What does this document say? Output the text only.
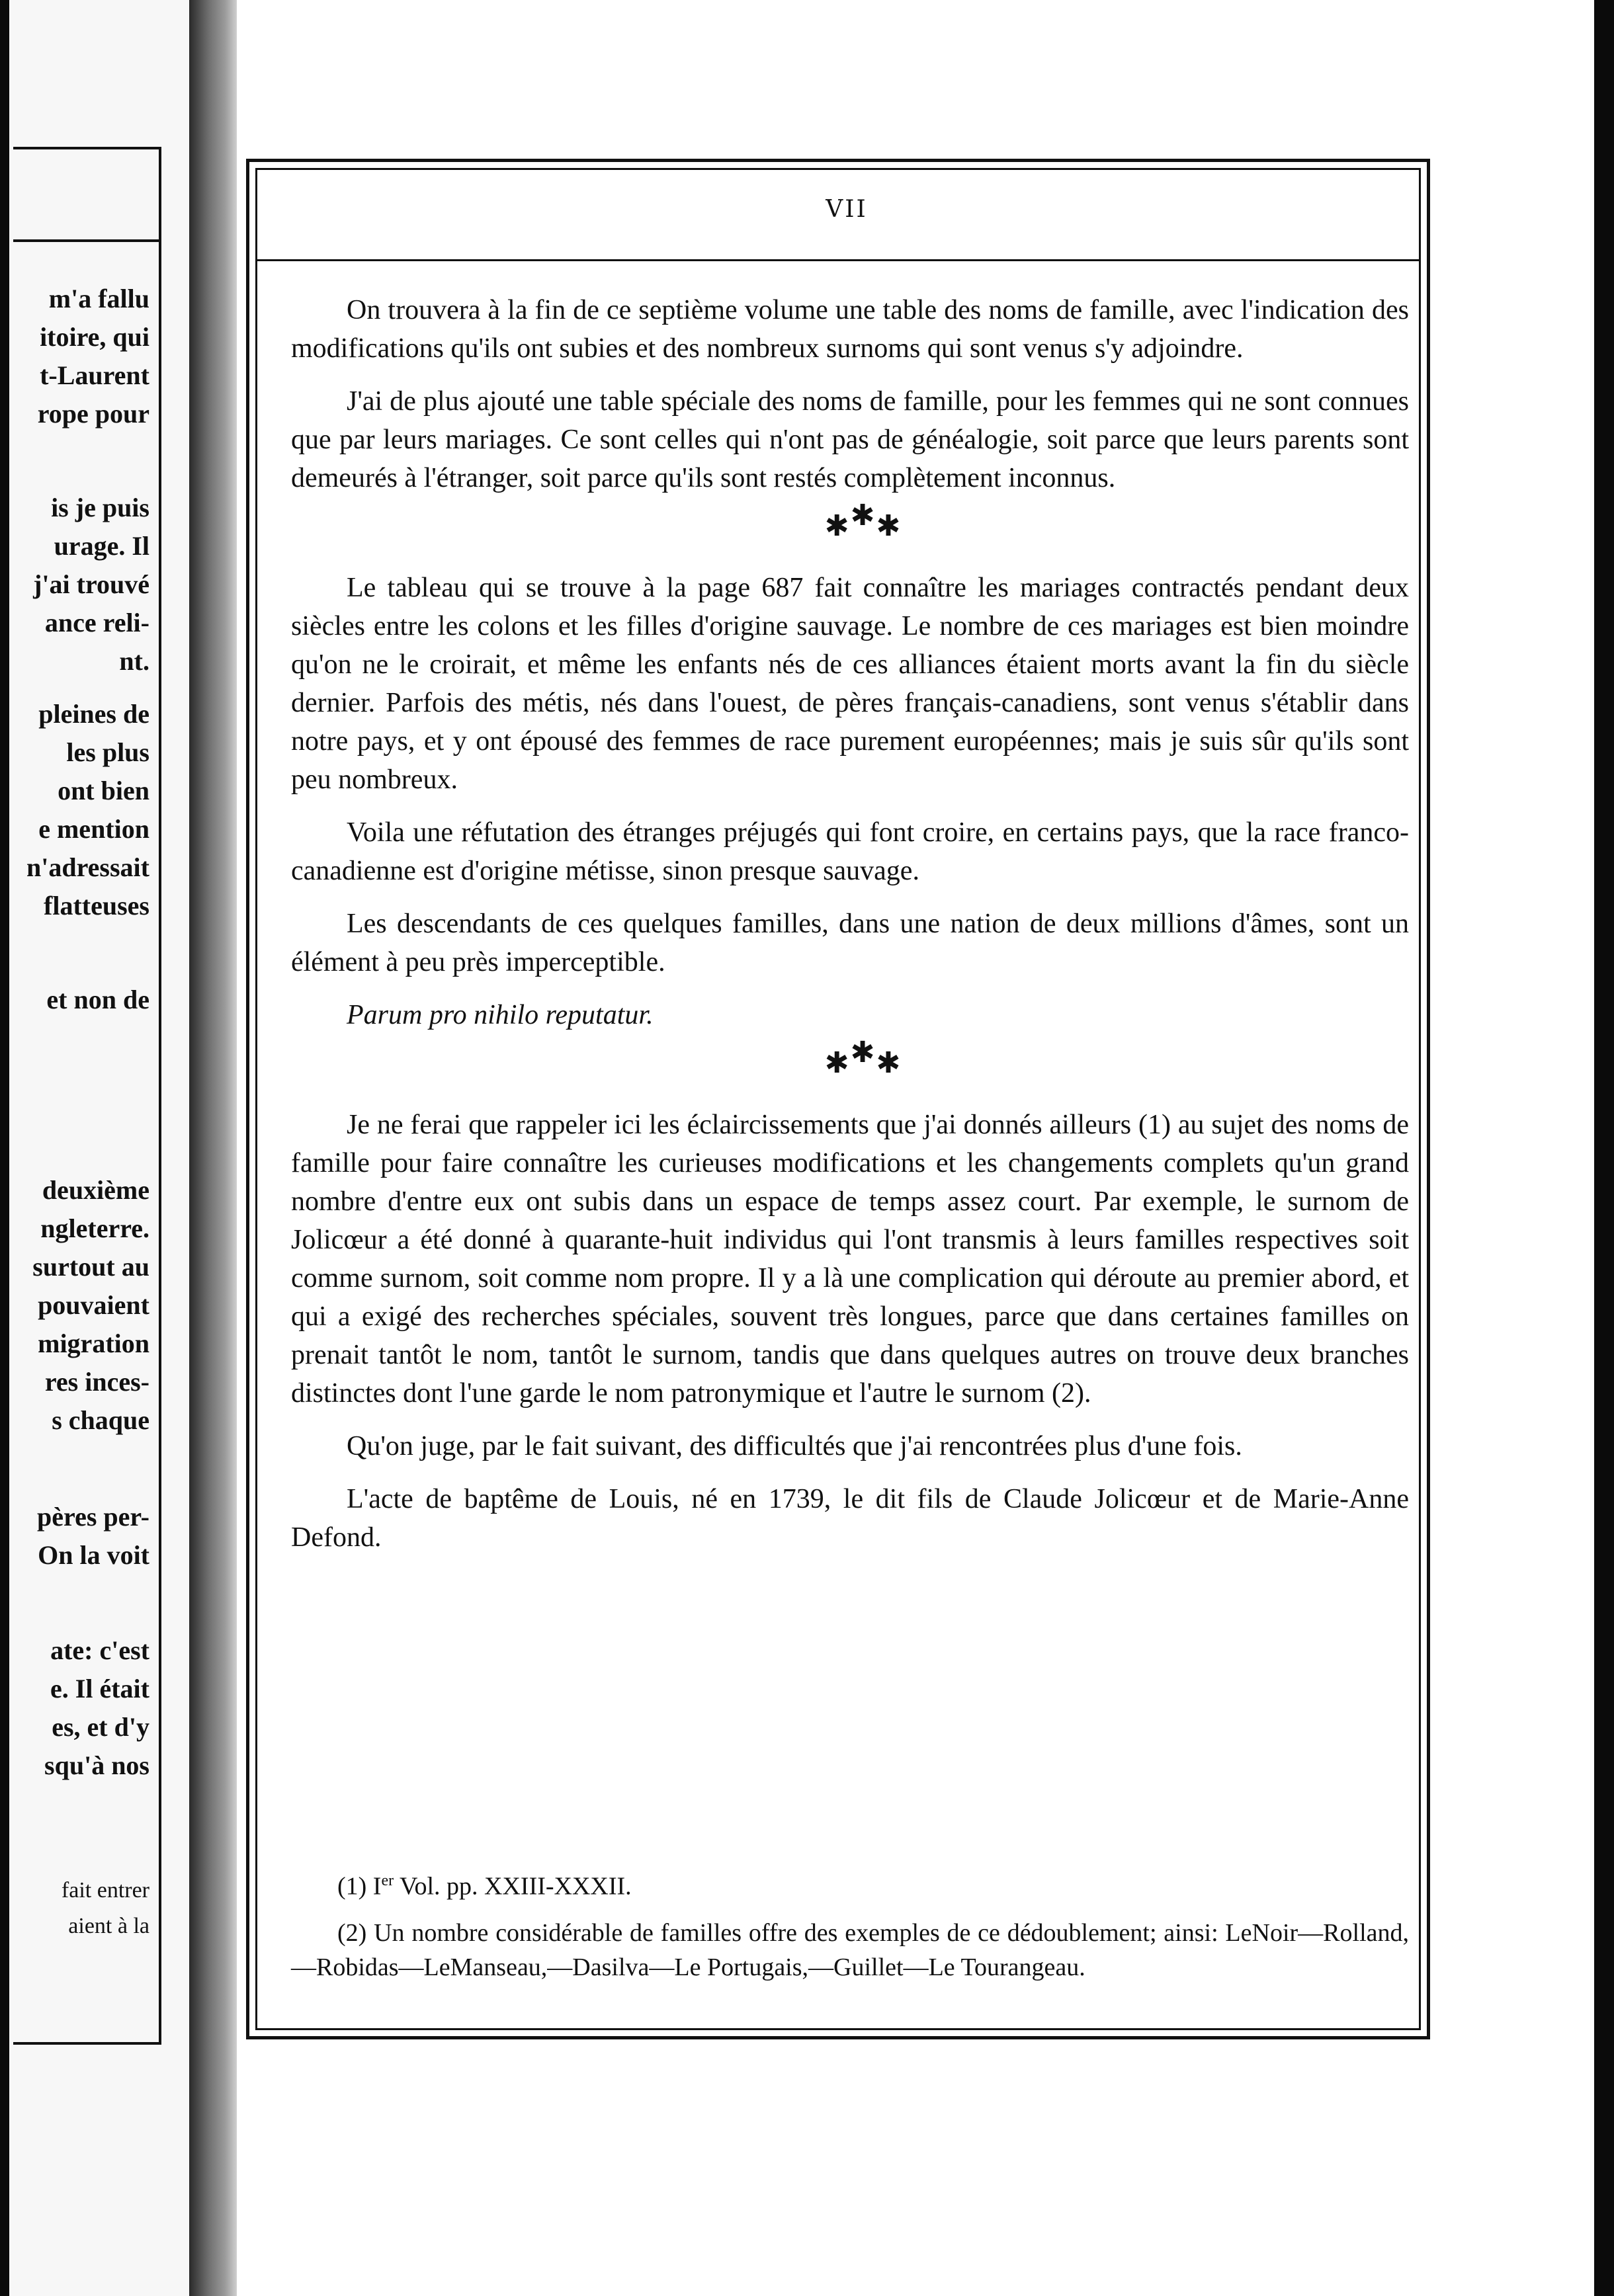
m'a fallu
itoire, qui
t-Laurent
rope pour
is je puis
urage. Il
j'ai trouvé
ance reli-
nt.
pleines de
les plus
ont bien
e mention
n'adressait
flatteuses
et non de
deuxième
ngleterre.
surtout au
pouvaient
migration
res inces-
s chaque
pères per-
On la voit
ate: c'est
e. Il était
es, et d'y
squ'à nos
fait entrer
aient à la
VII

On trouvera à la fin de ce septième volume une table des noms de famille, avec l'indication des modifications qu'ils ont subies et des nombreux surnoms qui sont venus s'y adjoindre.

J'ai de plus ajouté une table spéciale des noms de famille, pour les femmes qui ne sont connues que par leurs mariages. Ce sont celles qui n'ont pas de généalogie, soit parce que leurs parents sont demeurés à l'étranger, soit parce qu'ils sont restés complètement inconnus.

✱✱✱

Le tableau qui se trouve à la page 687 fait connaître les mariages contractés pendant deux siècles entre les colons et les filles d'origine sauvage. Le nombre de ces mariages est bien moindre qu'on ne le croirait, et même les enfants nés de ces alliances étaient morts avant la fin du siècle dernier. Parfois des métis, nés dans l'ouest, de pères français-canadiens, sont venus s'établir dans notre pays, et y ont épousé des femmes de race purement européennes; mais je suis sûr qu'ils sont peu nombreux.

Voila une réfutation des étranges préjugés qui font croire, en certains pays, que la race franco-canadienne est d'origine métisse, sinon presque sauvage.

Les descendants de ces quelques familles, dans une nation de deux millions d'âmes, sont un élément à peu près imperceptible.

Parum pro nihilo reputatur.

✱✱✱

Je ne ferai que rappeler ici les éclaircissements que j'ai donnés ailleurs (1) au sujet des noms de famille pour faire connaître les curieuses modifications et les changements complets qu'un grand nombre d'entre eux ont subis dans un espace de temps assez court. Par exemple, le surnom de Jolicœur a été donné à quarante-huit individus qui l'ont transmis à leurs familles respectives soit comme surnom, soit comme nom propre. Il y a là une complication qui déroute au premier abord, et qui a exigé des recherches spéciales, souvent très longues, parce que dans certaines familles on prenait tantôt le nom, tantôt le surnom, tandis que dans quelques autres on trouve deux branches distinctes dont l'une garde le nom patronymique et l'autre le surnom (2).

Qu'on juge, par le fait suivant, des difficultés que j'ai rencontrées plus d'une fois.

L'acte de baptême de Louis, né en 1739, le dit fils de Claude Jolicœur et de Marie-Anne Defond.

(1) Ier Vol. pp. XXIII-XXXII.

(2) Un nombre considérable de familles offre des exemples de ce dédoublement; ainsi: LeNoir—Rolland,—Robidas—LeManseau,—Dasilva—Le Portugais,—Guillet—Le Tourangeau.
